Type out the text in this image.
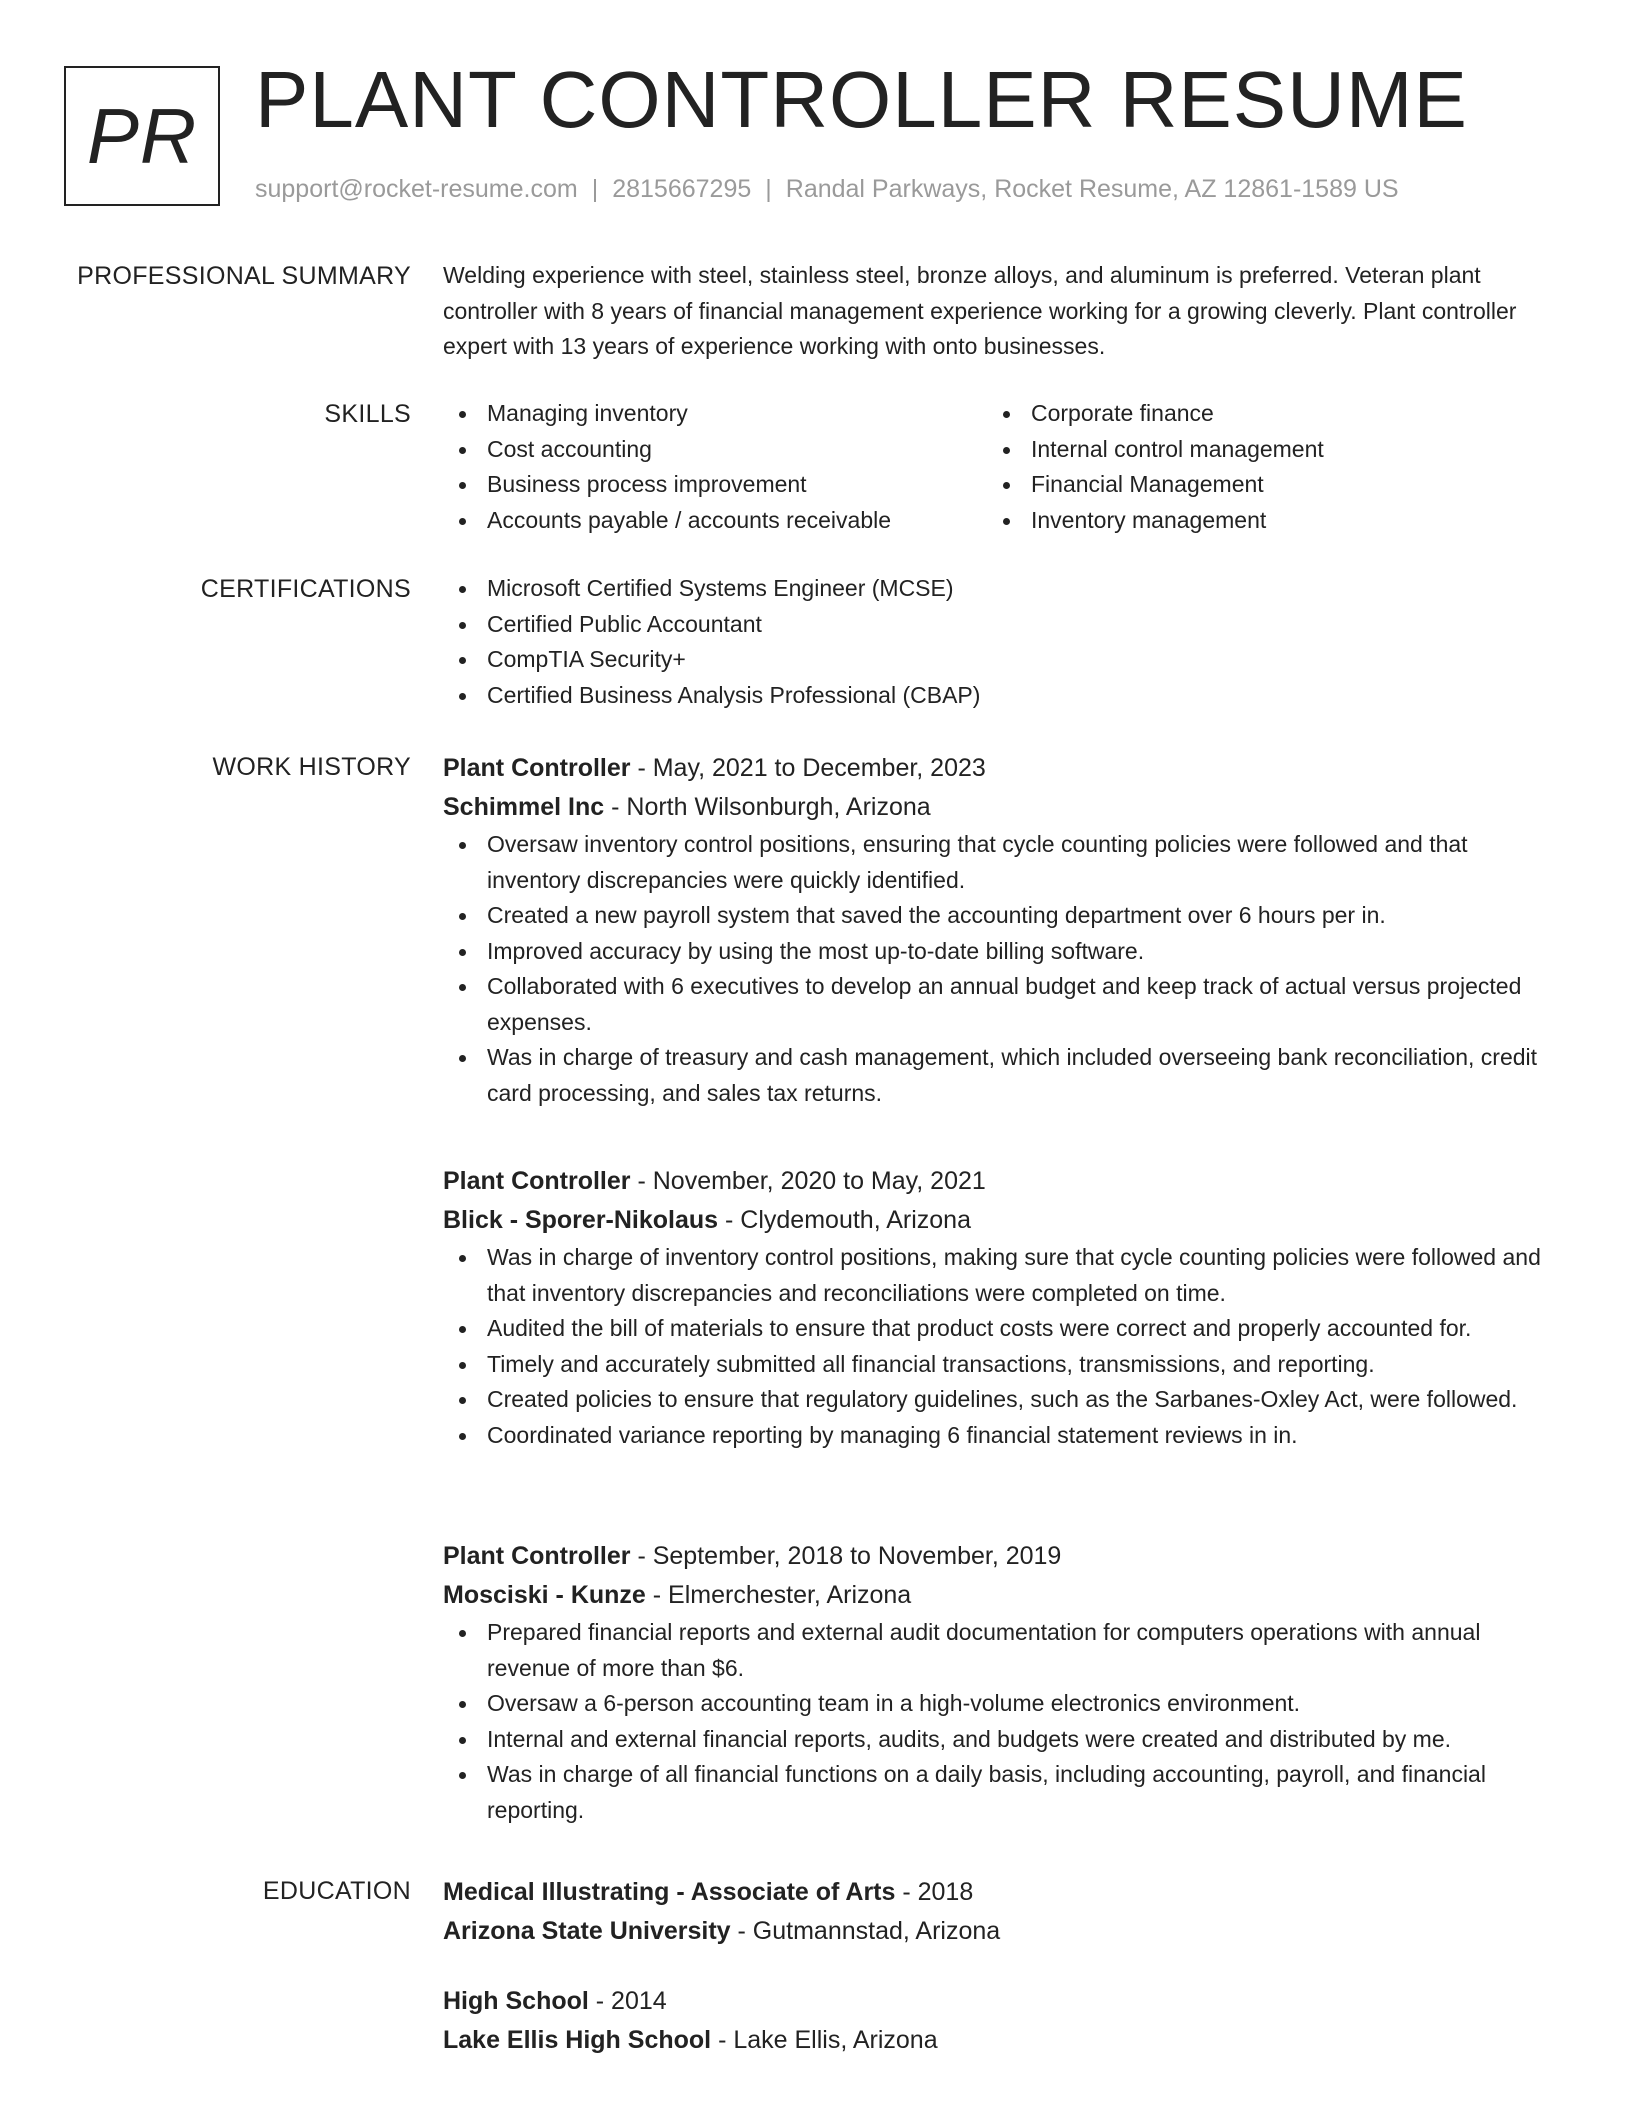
PR PLANT CONTROLLER RESUME
support@rocket-resume.com | 2815667295 | Randal Parkways, Rocket Resume, AZ 12861-1589 US
PROFESSIONAL SUMMARY Welding experience with steel, stainless steel, bronze alloys, and aluminum is preferred. Veteran plant controller with 8 years of financial management experience working for a growing cleverly. Plant controller expert with 13 years of experience working with onto businesses.

SKILLS	Managing inventory
Cost accounting
Business process improvement
Accounts payable / accounts receivable
Corporate finance
Internal control management
Financial Management
Inventory management
CERTIFICATIONS	Microsoft Certified Systems Engineer (MCSE)
Certified Public Accountant
CompTIA Security+
Certified Business Analysis Professional (CBAP)
WORK HISTORY Plant Controller - May, 2021 to December, 2023
Schimmel Inc - North Wilsonburgh, Arizona
Oversaw inventory control positions, ensuring that cycle counting policies were followed and that inventory discrepancies were quickly identified.
Created a new payroll system that saved the accounting department over 6 hours per in.
Improved accuracy by using the most up-to-date billing software.
Collaborated with 6 executives to develop an annual budget and keep track of actual versus projected expenses.
Was in charge of treasury and cash management, which included overseeing bank reconciliation, credit card processing, and sales tax returns.
Plant Controller - November, 2020 to May, 2021
Blick - Sporer-Nikolaus - Clydemouth, Arizona
Was in charge of inventory control positions, making sure that cycle counting policies were followed and that inventory discrepancies and reconciliations were completed on time.
Audited the bill of materials to ensure that product costs were correct and properly accounted for.
Timely and accurately submitted all financial transactions, transmissions, and reporting.
Created policies to ensure that regulatory guidelines, such as the Sarbanes-Oxley Act, were followed.
Coordinated variance reporting by managing 6 financial statement reviews in in.
Plant Controller - September, 2018 to November, 2019
Mosciski - Kunze - Elmerchester, Arizona
Prepared financial reports and external audit documentation for computers operations with annual revenue of more than $6.
Oversaw a 6-person accounting team in a high-volume electronics environment.
Internal and external financial reports, audits, and budgets were created and distributed by me.
Was in charge of all financial functions on a daily basis, including accounting, payroll, and financial reporting.
EDUCATION Medical Illustrating - Associate of Arts - 2018
Arizona State University - Gutmannstad, Arizona
High School - 2014
Lake Ellis High School - Lake Ellis, Arizona
